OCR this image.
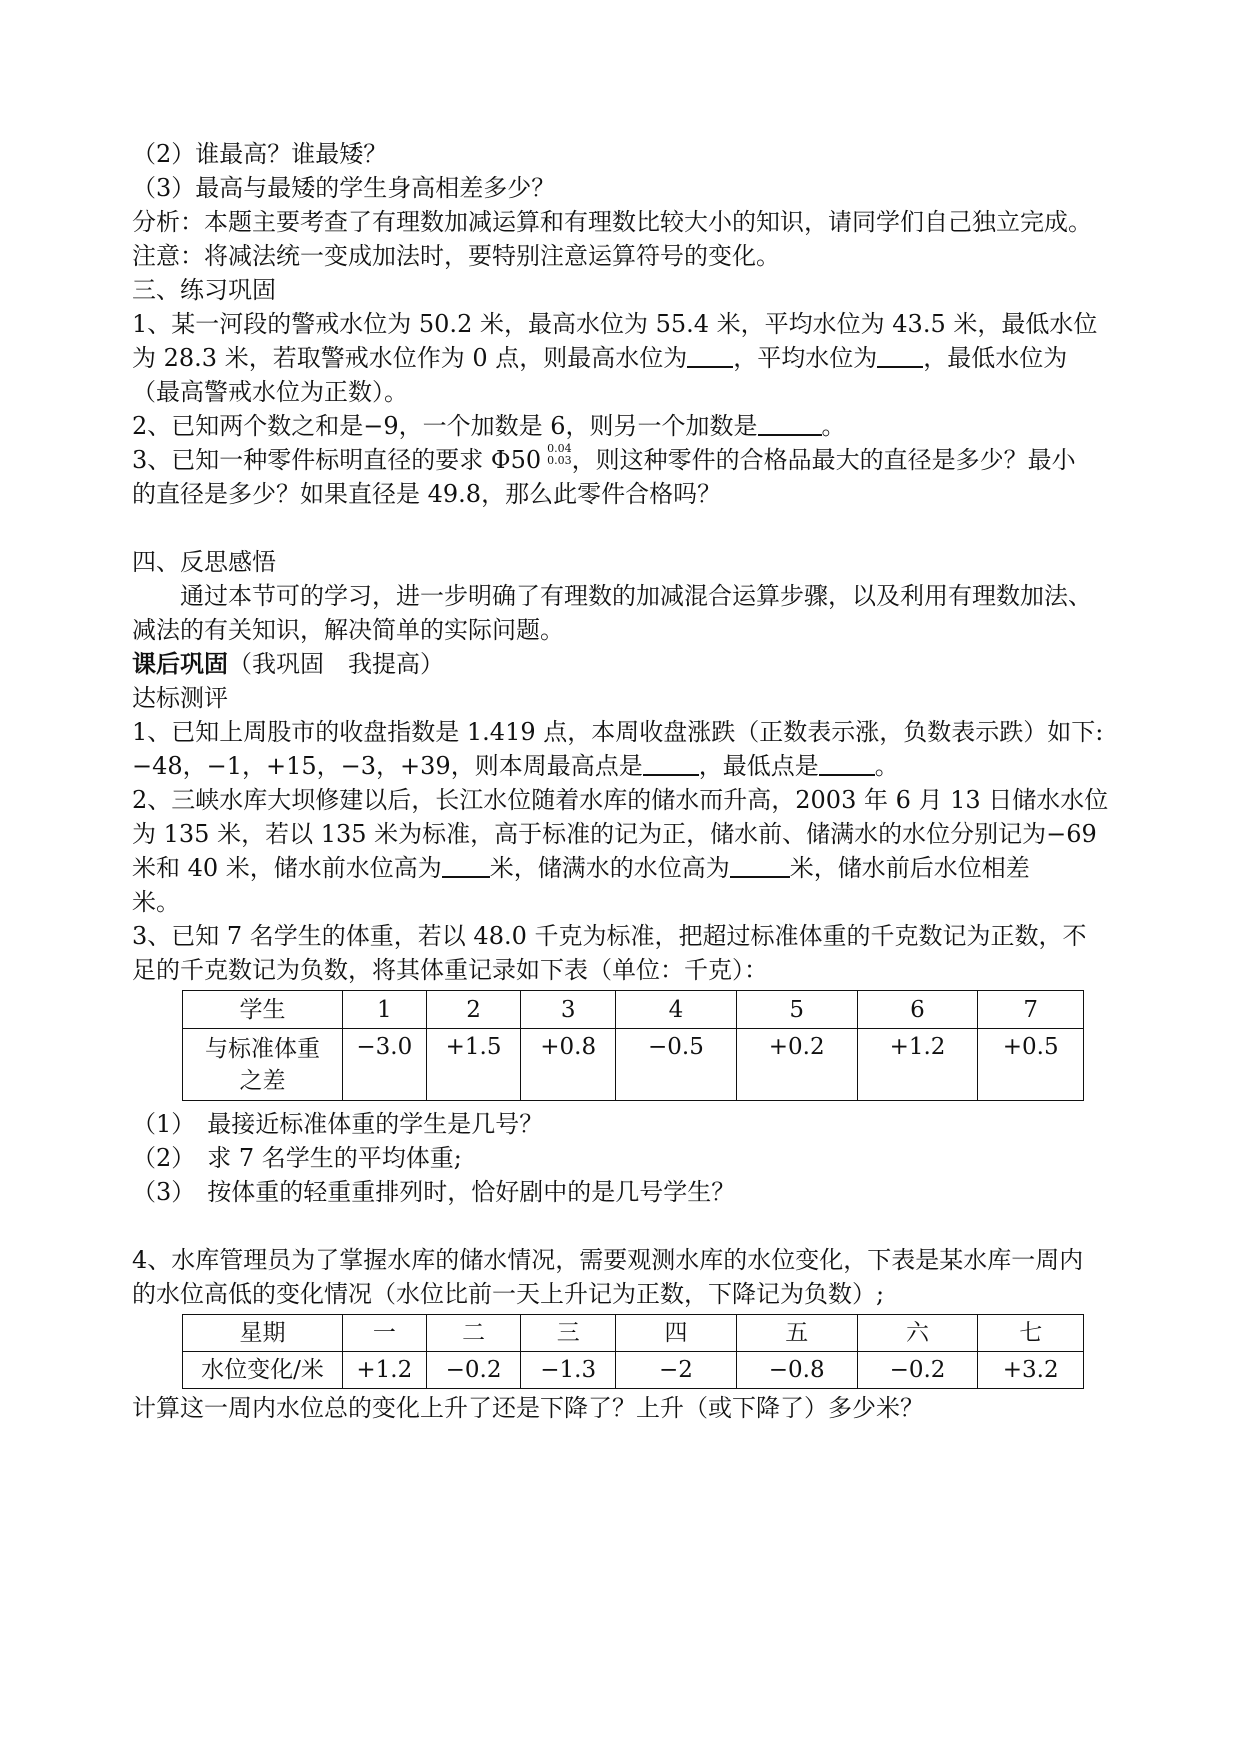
（2）谁最高？谁最矮？
（3）最高与最矮的学生身高相差多少？
分析：本题主要考查了有理数加减运算和有理数比较大小的知识，请同学们自己独立完成。
注意：将减法统一变成加法时，要特别注意运算符号的变化。
三、练习巩固
1、某一河段的警戒水位为 50.2 米，最高水位为 55.4 米，平均水位为 43.5 米，最低水位
为 28.3 米，若取警戒水位作为 0 点，则最高水位为 ，平均水位为 ，最低水位为
（最高警戒水位为正数）。
2、已知两个数之和是−9，一个加数是 6，则另一个加数是	。
3、已知一种零件标明直径的要求 Φ50 0.04
0.03 ，则这种零件的合格品最大的直径是多少？最小
的直径是多少？如果直径是 49.8，那么此零件合格吗？
四、反思感悟
通过本节可的学习，进一步明确了有理数的加减混合运算步骤，以及利用有理数加法、
减法的有关知识，解决简单的实际问题。
课后巩固（我巩固　我提高）
达标测评
1、已知上周股市的收盘指数是 1.419 点，本周收盘涨跌（正数表示涨，负数表示跌）如下:
−48，−1，+15，−3，+39，则本周最高点是 ，最低点是 。
2、三峡水库大坝修建以后，长江水位随着水库的储水而升高，2003 年 6 月 13 日储水水位
为 135 米，若以 135 米为标准，高于标准的记为正，储水前、储满水的水位分别记为−69
米和 40 米，储水前水位高为 米，储满水的水位高为	米，储水前后水位相差
米。
3、已知 7 名学生的体重，若以 48.0 千克为标准，把超过标准体重的千克数记为正数，不
足的千克数记为负数，将其体重记录如下表（单位：千克）：
学生	1	2	3	4	5	6	7
与标准体重
之差	−3.0	+1.5	+0.8	−0.5	+0.2	+1.2	+0.5
（1）　最接近标准体重的学生是几号？
（2）　求 7 名学生的平均体重;
（3）　按体重的轻重重排列时，恰好剧中的是几号学生？
4、水库管理员为了掌握水库的储水情况，需要观测水库的水位变化，下表是某水库一周内
的水位高低的变化情况（水位比前一天上升记为正数，下降记为负数）;
星期	一	二	三	四	五	六	七
水位变化/米	+1.2	−0.2	−1.3	−2	−0.8	−0.2	+3.2
计算这一周内水位总的变化上升了还是下降了？上升（或下降了）多少米？
